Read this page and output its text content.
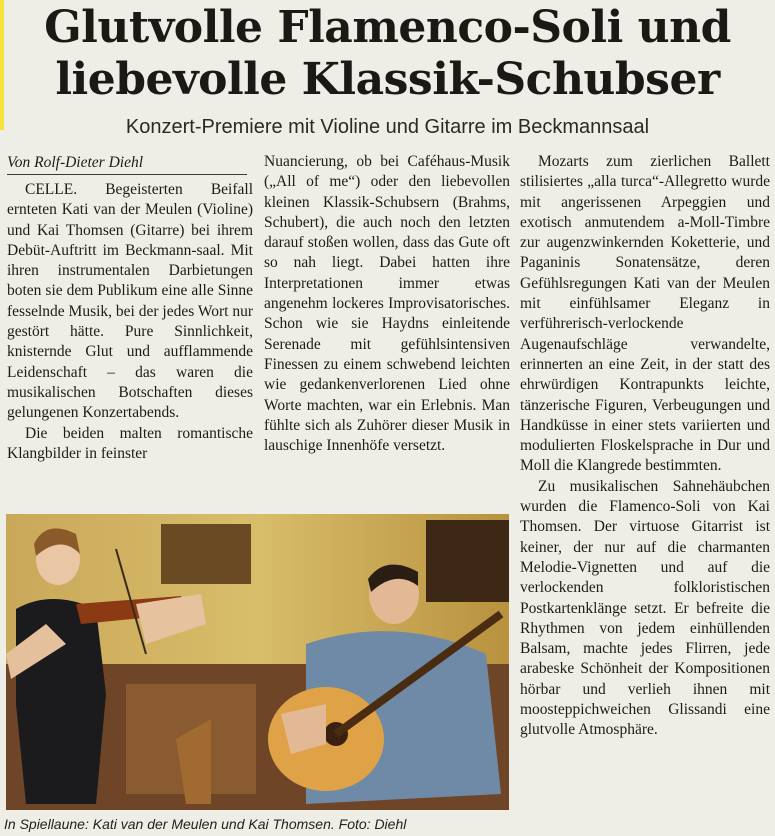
Glutvolle Flamenco-Soli und
liebevolle Klassik-Schubser
Konzert-Premiere mit Violine und Gitarre im Beckmannsaal
Von Rolf-Dieter Diehl

CELLE. Begeisterten Beifall ernteten Kati van der Meulen (Violine) und Kai Thomsen (Gitarre) bei ihrem Debüt-Auftritt im Beckmann-saal. Mit ihren instrumentalen Darbietungen boten sie dem Publikum eine alle Sinne fesselnde Musik, bei der jedes Wort nur gestört hätte. Pure Sinnlichkeit, knisternde Glut und aufflammende Leidenschaft – das waren die musikalischen Botschaften dieses gelungenen Konzertabends.

Die beiden malten romantische Klangbilder in feinster

Nuancierung, ob bei Caféhaus-Musik („All of me“) oder den liebevollen kleinen Klassik-Schubsern (Brahms, Schubert), die auch noch den letzten darauf stoßen wollen, dass das Gute oft so nah liegt. Dabei hatten ihre Interpretationen immer etwas angenehm lockeres Improvisatorisches. Schon wie sie Haydns einleitende Serenade mit gefühlsintensiven Finessen zu einem schwebend leichten wie gedankenverlorenen Lied ohne Worte machten, war ein Erlebnis. Man fühlte sich als Zuhörer dieser Musik in lauschige Innenhöfe versetzt.

Mozarts zum zierlichen Ballett stilisiertes „alla turca“-Allegretto wurde mit angerissenen Arpeggien und exotisch anmutendem a-Moll-Timbre zur augenzwinkernden Koketterie, und Paganinis Sonatensätze, deren Gefühlsregungen Kati van der Meulen mit einfühlsamer Eleganz in verführerisch-verlockende Augenaufschläge verwandelte, erinnerten an eine Zeit, in der statt des ehrwürdigen Kontrapunkts leichte, tänzerische Figuren, Verbeugungen und Handküsse in einer stets variierten und modulierten Floskelsprache in Dur und Moll die Klangrede bestimmten.

Zu musikalischen Sahnehäubchen wurden die Flamenco-Soli von Kai Thomsen. Der virtuose Gitarrist ist keiner, der nur auf die charmanten Melodie-Vignetten und auf die verlockenden folkloristischen Postkartenklänge setzt. Er befreite die Rhythmen von jedem einhüllenden Balsam, machte jedes Flirren, jede arabeske Schönheit der Kompositionen hörbar und verlieh ihnen mit moosteppichweichen Glissandi eine glutvolle Atmosphäre.

In Spiellaune: Kati van der Meulen und Kai Thomsen. Foto: Diehl
